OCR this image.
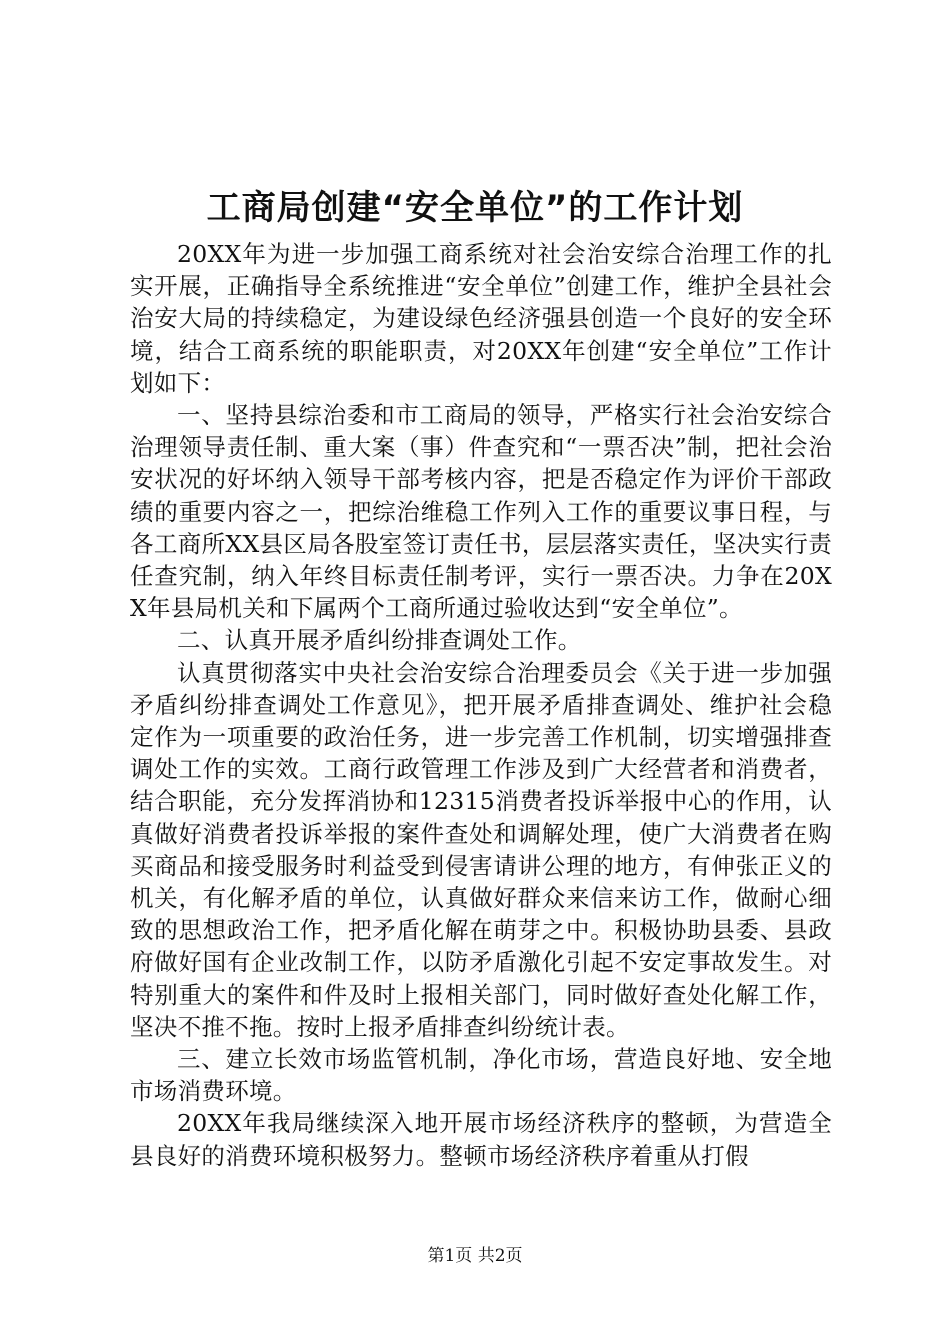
工商局创建“安全单位”的工作计划

20XX年为进一步加强工商系统对社会治安综合治理工作的扎实开展，正确指导全系统推进“安全单位”创建工作，维护全县社会治安大局的持续稳定，为建设绿色经济强县创造一个良好的安全环境，结合工商系统的职能职责，对20XX年创建“安全单位”工作计划如下：

一、坚持县综治委和市工商局的领导，严格实行社会治安综合治理领导责任制、重大案（事）件查究和“一票否决”制，把社会治安状况的好坏纳入领导干部考核内容，把是否稳定作为评价干部政绩的重要内容之一，把综治维稳工作列入工作的重要议事日程，与各工商所XX县区局各股室签订责任书，层层落实责任，坚决实行责任查究制，纳入年终目标责任制考评，实行一票否决。力争在20XX年县局机关和下属两个工商所通过验收达到“安全单位”。

二、认真开展矛盾纠纷排查调处工作。

认真贯彻落实中央社会治安综合治理委员会《关于进一步加强矛盾纠纷排查调处工作意见》，把开展矛盾排查调处、维护社会稳定作为一项重要的政治任务，进一步完善工作机制，切实增强排查调处工作的实效。工商行政管理工作涉及到广大经营者和消费者，结合职能，充分发挥消协和12315消费者投诉举报中心的作用，认真做好消费者投诉举报的案件查处和调解处理，使广大消费者在购买商品和接受服务时利益受到侵害请讲公理的地方，有伸张正义的机关，有化解矛盾的单位，认真做好群众来信来访工作，做耐心细致的思想政治工作，把矛盾化解在萌芽之中。积极协助县委、县政府做好国有企业改制工作，以防矛盾激化引起不安定事故发生。对特别重大的案件和件及时上报相关部门，同时做好查处化解工作，坚决不推不拖。按时上报矛盾排查纠纷统计表。

三、建立长效市场监管机制，净化市场，营造良好地、安全地市场消费环境。

20XX年我局继续深入地开展市场经济秩序的整顿，为营造全县良好的消费环境积极努力。整顿市场经济秩序着重从打假

第1页 共2页
